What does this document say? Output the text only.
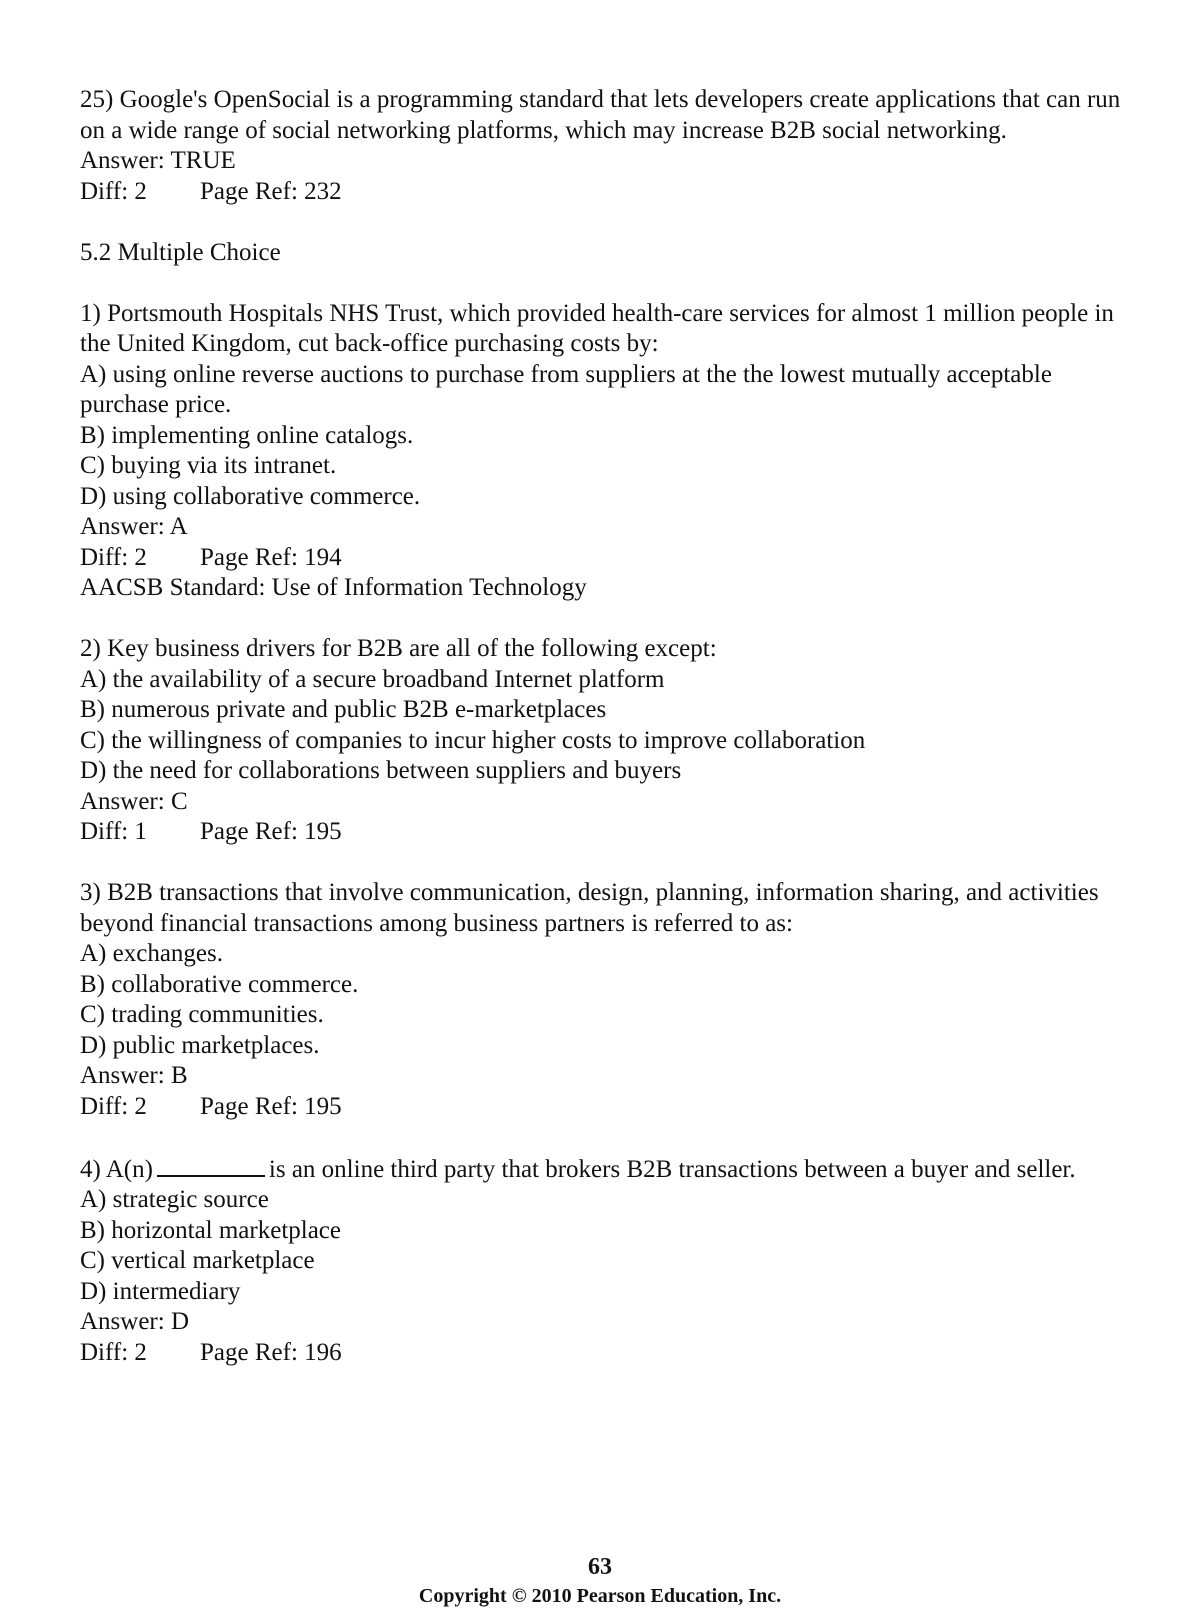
25) Google's OpenSocial is a programming standard that lets developers create applications that can run on a wide range of social networking platforms, which may increase B2B social networking.
Answer: TRUE
Diff: 2 Page Ref: 232
5.2 Multiple Choice
1) Portsmouth Hospitals NHS Trust, which provided health-care services for almost 1 million people in the United Kingdom, cut back-office purchasing costs by:
A) using online reverse auctions to purchase from suppliers at the the lowest mutually acceptable purchase price.
B) implementing online catalogs.
C) buying via its intranet.
D) using collaborative commerce.
Answer: A
Diff: 2 Page Ref: 194
AACSB Standard: Use of Information Technology
2) Key business drivers for B2B are all of the following except:
A) the availability of a secure broadband Internet platform
B) numerous private and public B2B e-marketplaces
C) the willingness of companies to incur higher costs to improve collaboration
D) the need for collaborations between suppliers and buyers
Answer: C
Diff: 1 Page Ref: 195
3) B2B transactions that involve communication, design, planning, information sharing, and activities beyond financial transactions among business partners is referred to as:
A) exchanges.
B) collaborative commerce.
C) trading communities.
D) public marketplaces.
Answer: B
Diff: 2 Page Ref: 195
4) A(n)	is an online third party that brokers B2B transactions between a buyer and seller.
A) strategic source
B) horizontal marketplace
C) vertical marketplace
D) intermediary
Answer: D
Diff: 2 Page Ref: 196
63
Copyright © 2010 Pearson Education, Inc.
